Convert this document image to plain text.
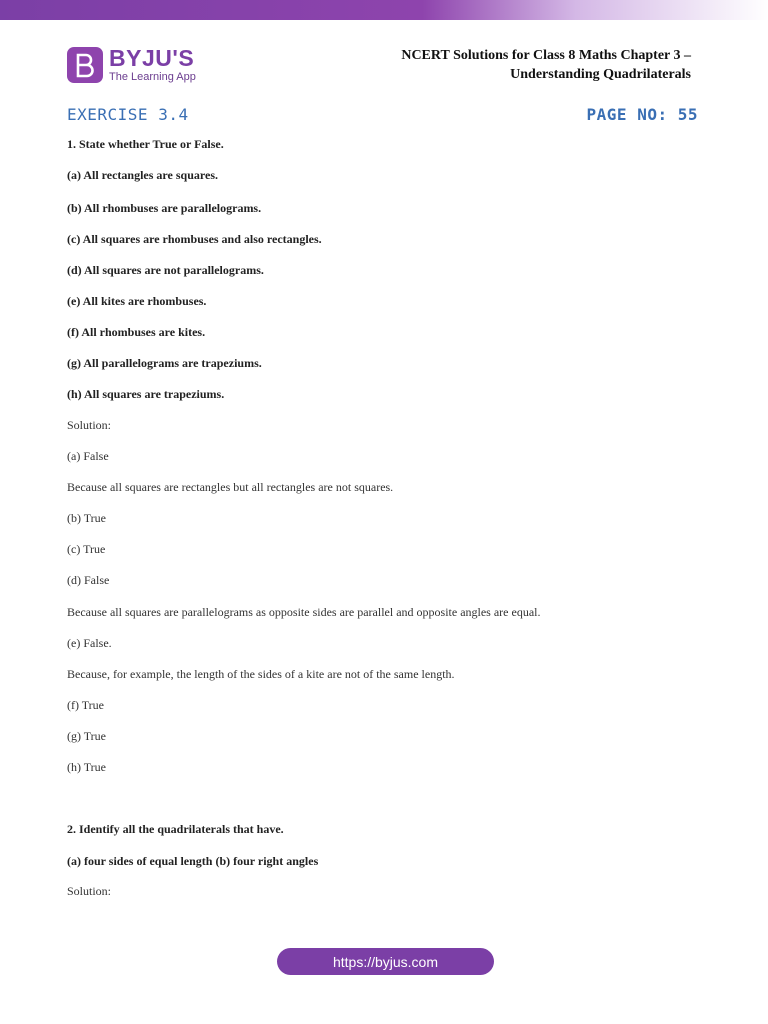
BYJU'S
The Learning App
NCERT Solutions for Class 8 Maths Chapter 3 –
Understanding Quadrilaterals
EXERCISE 3.4	PAGE NO: 55
1. State whether True or False.
(a) All rectangles are squares.
(b) All rhombuses are parallelograms.
(c) All squares are rhombuses and also rectangles.
(d) All squares are not parallelograms.
(e) All kites are rhombuses.
(f) All rhombuses are kites.
(g) All parallelograms are trapeziums.
(h) All squares are trapeziums.
Solution:
(a) False
Because all squares are rectangles but all rectangles are not squares.
(b) True
(c) True
(d) False
Because all squares are parallelograms as opposite sides are parallel and opposite angles are equal.
(e) False.
Because, for example, the length of the sides of a kite are not of the same length.
(f) True
(g) True
(h) True
2. Identify all the quadrilaterals that have.
(a) four sides of equal length (b) four right angles
Solution:
https://byjus.com
